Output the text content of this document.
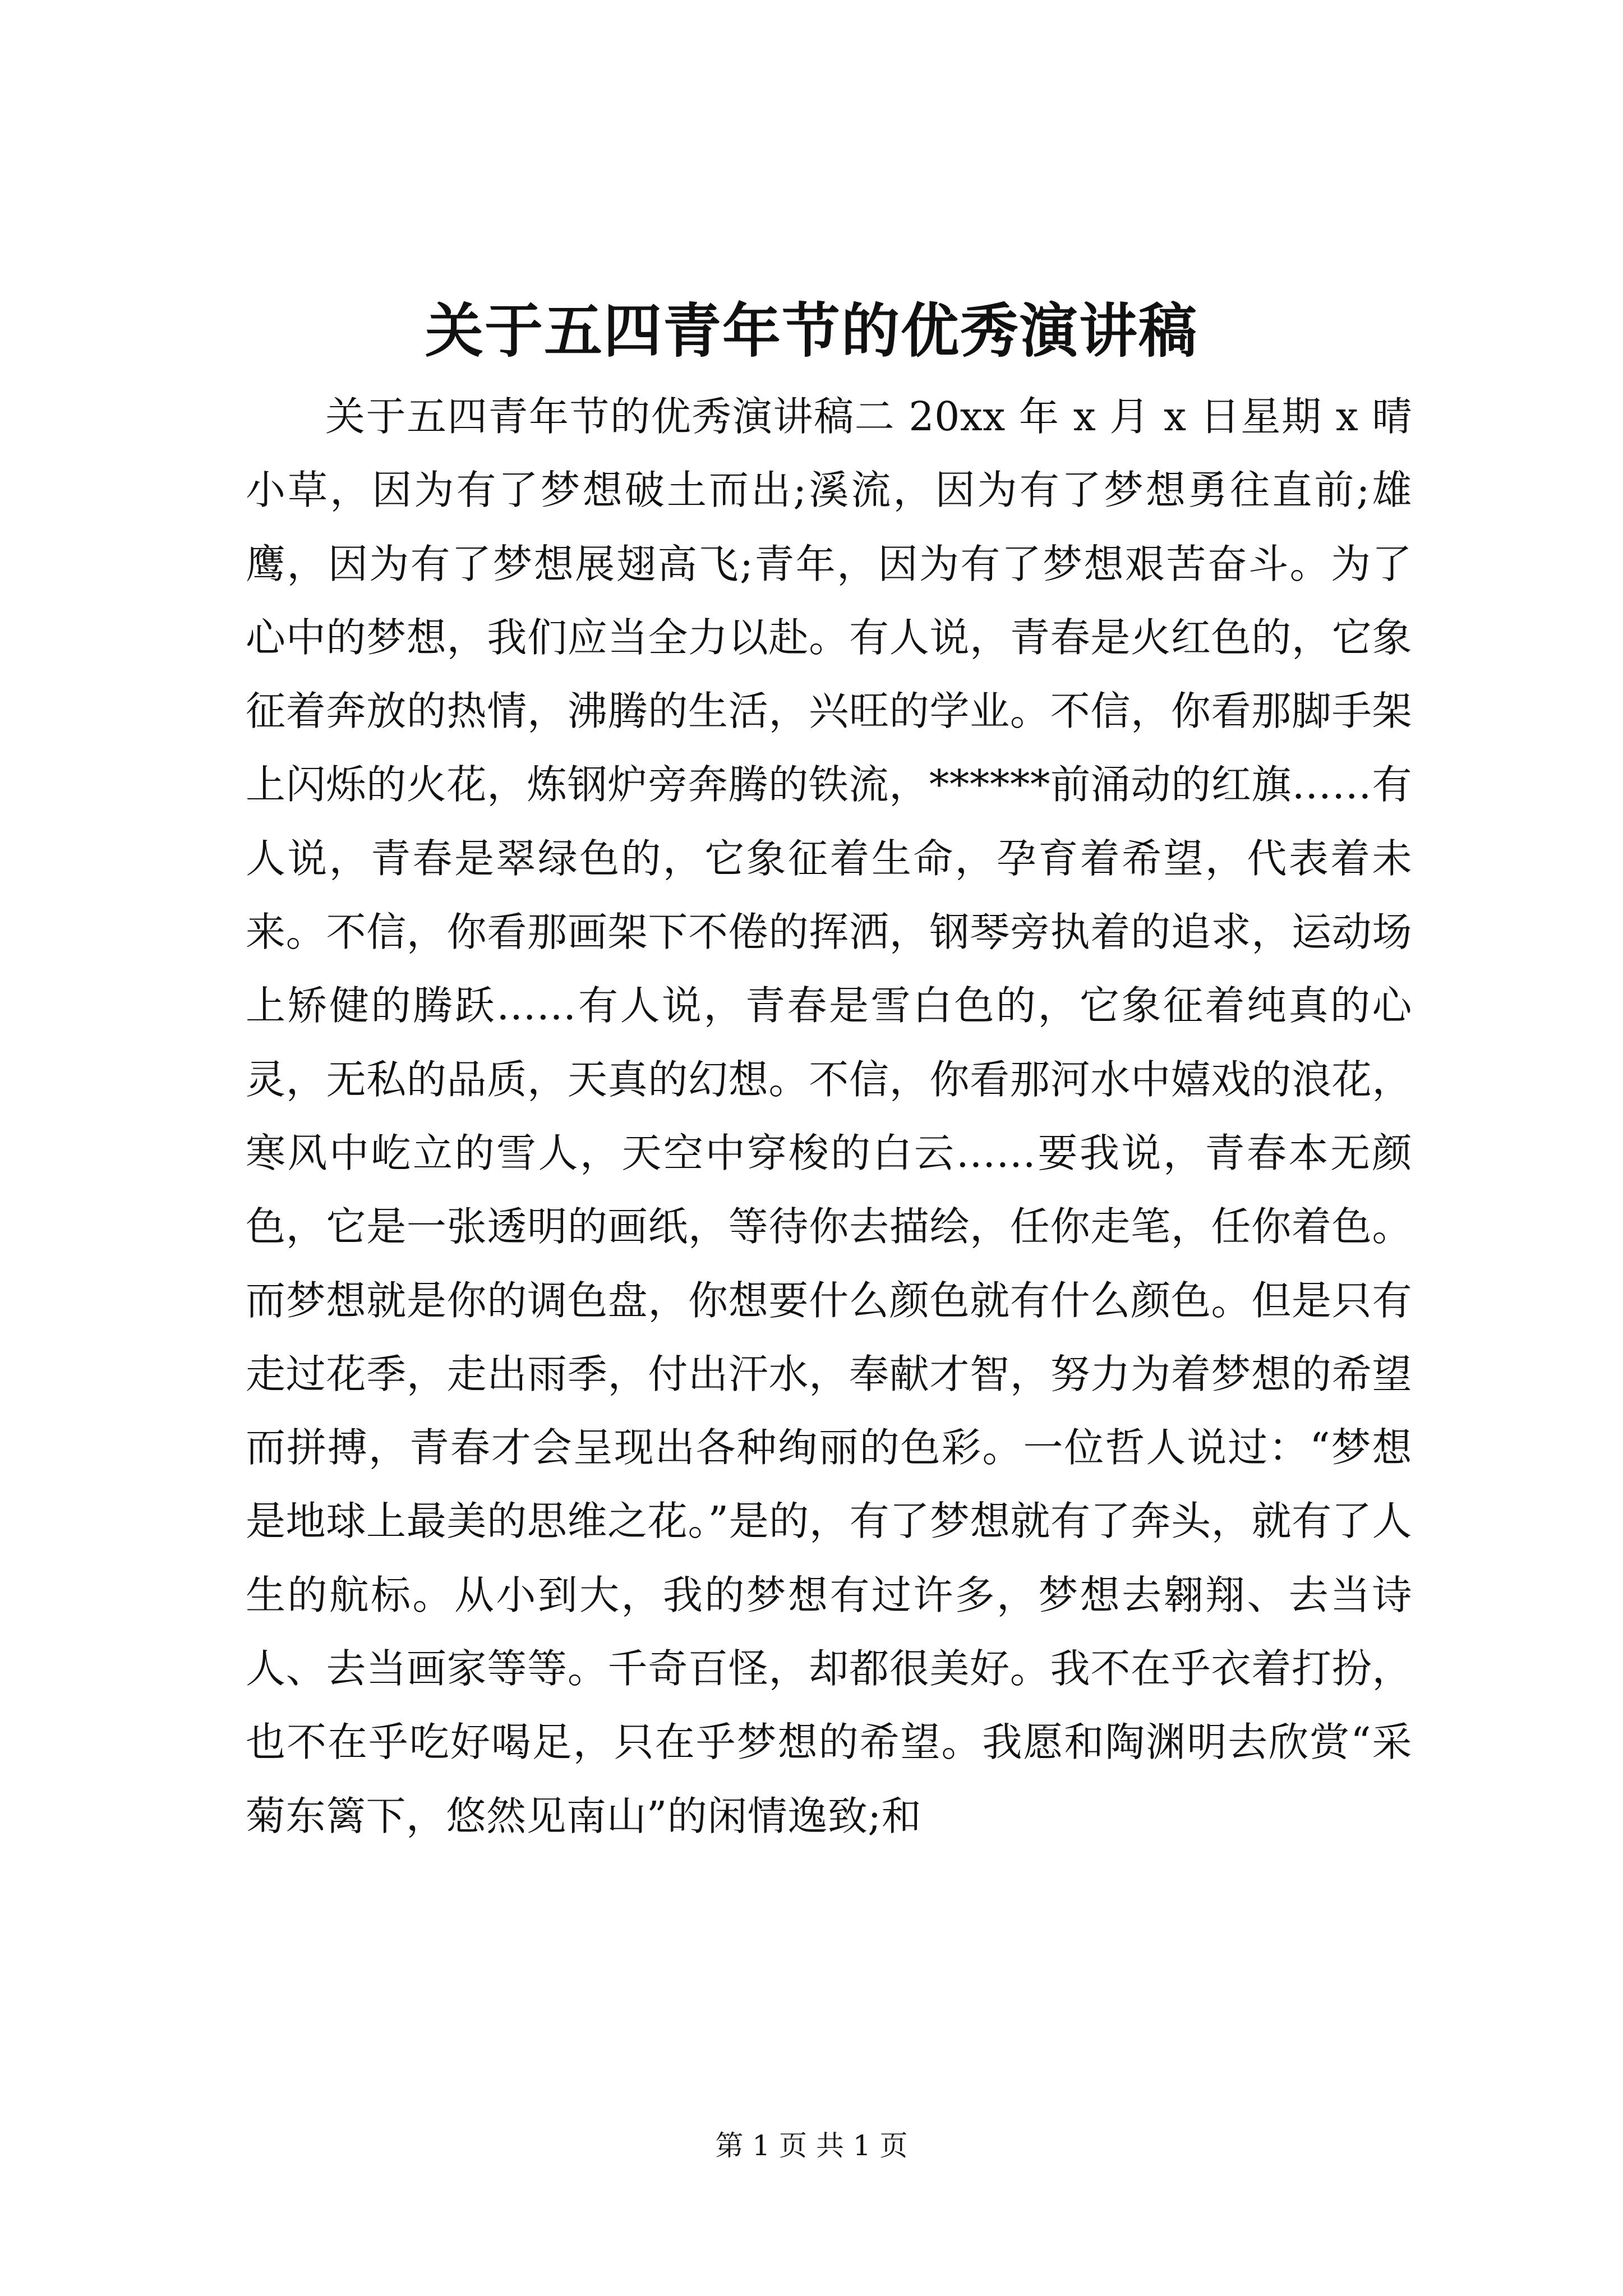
关于五四青年节的优秀演讲稿

关于五四青年节的优秀演讲稿二 20xx 年 x 月 x 日星期 x 晴小草，因为有了梦想破土而出;溪流，因为有了梦想勇往直前;雄鹰，因为有了梦想展翅高飞;青年，因为有了梦想艰苦奋斗。为了心中的梦想，我们应当全力以赴。有人说，青春是火红色的，它象征着奔放的热情，沸腾的生活，兴旺的学业。不信，你看那脚手架上闪烁的火花，炼钢炉旁奔腾的铁流，******前涌动的红旗……有人说，青春是翠绿色的，它象征着生命，孕育着希望，代表着未来。不信，你看那画架下不倦的挥洒，钢琴旁执着的追求，运动场上矫健的腾跃……有人说，青春是雪白色的，它象征着纯真的心灵，无私的品质，天真的幻想。不信，你看那河水中嬉戏的浪花，寒风中屹立的雪人，天空中穿梭的白云……要我说，青春本无颜色，它是一张透明的画纸，等待你去描绘，任你走笔，任你着色。而梦想就是你的调色盘，你想要什么颜色就有什么颜色。但是只有走过花季，走出雨季，付出汗水，奉献才智，努力为着梦想的希望而拼搏，青春才会呈现出各种绚丽的色彩。一位哲人说过：“梦想是地球上最美的思维之花。”是的，有了梦想就有了奔头，就有了人生的航标。从小到大，我的梦想有过许多，梦想去翱翔、去当诗人、去当画家等等。千奇百怪，却都很美好。我不在乎衣着打扮，也不在乎吃好喝足，只在乎梦想的希望。我愿和陶渊明去欣赏“采菊东篱下，悠然见南山”的闲情逸致;和

第 1 页 共 1 页
